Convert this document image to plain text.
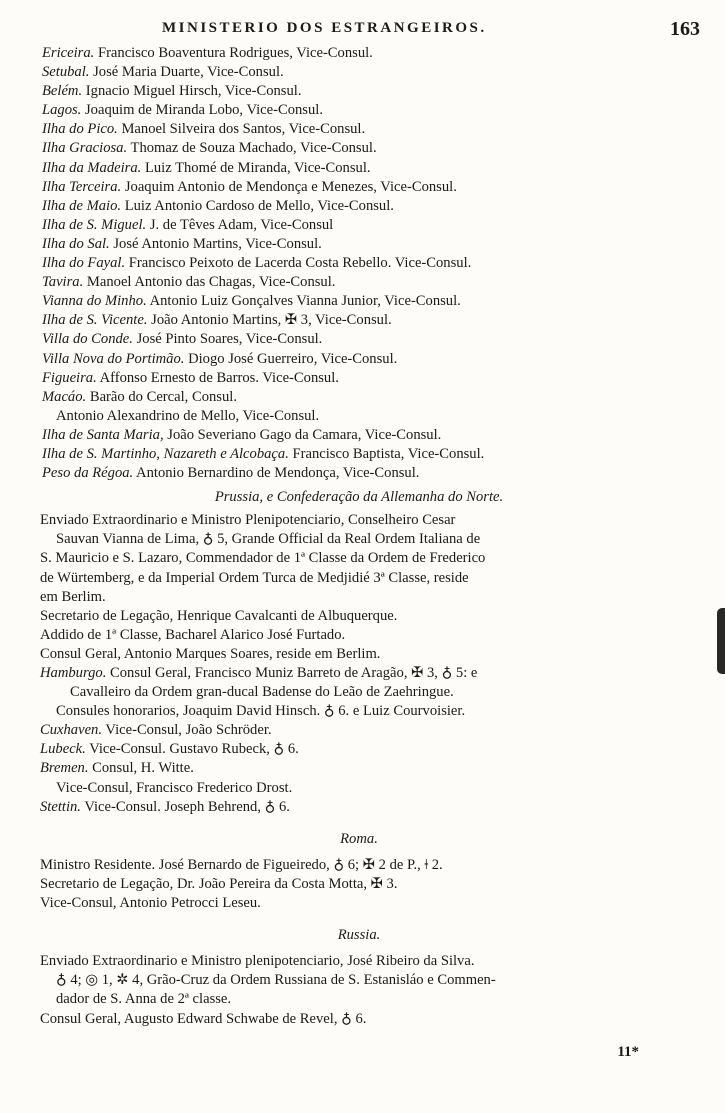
MINISTERIO DOS ESTRANGEIROS.	163
Ericeira. Francisco Boaventura Rodrigues, Vice-Consul.
Setubal. José Maria Duarte, Vice-Consul.
Belém. Ignacio Miguel Hirsch, Vice-Consul.
Lagos. Joaquim de Miranda Lobo, Vice-Consul.
Ilha do Pico. Manoel Silveira dos Santos, Vice-Consul.
Ilha Graciosa. Thomaz de Souza Machado, Vice-Consul.
Ilha da Madeira. Luiz Thomé de Miranda, Vice-Consul.
Ilha Terceira. Joaquim Antonio de Mendonça e Menezes, Vice-Consul.
Ilha de Maio. Luiz Antonio Cardoso de Mello, Vice-Consul.
Ilha de S. Miguel. J. de Têves Adam, Vice-Consul
Ilha do Sal. José Antonio Martins, Vice-Consul.
Ilha do Fayal. Francisco Peixoto de Lacerda Costa Rebello. Vice-Consul.
Tavira. Manoel Antonio das Chagas, Vice-Consul.
Vianna do Minho. Antonio Luiz Gonçalves Vianna Junior, Vice-Consul.
Ilha de S. Vicente. João Antonio Martins, ✠ 3, Vice-Consul.
Villa do Conde. José Pinto Soares, Vice-Consul.
Villa Nova do Portimão. Diogo José Guerreiro, Vice-Consul.
Figueira. Affonso Ernesto de Barros. Vice-Consul.
Macáo. Barão do Cercal, Consul.
Antonio Alexandrino de Mello, Vice-Consul.
Ilha de Santa Maria, João Severiano Gago da Camara, Vice-Consul.
Ilha de S. Martinho, Nazareth e Alcobaça. Francisco Baptista, Vice-Consul.
Peso da Régoa. Antonio Bernardino de Mendonça, Vice-Consul.
Prussia, e Confederação da Allemanha do Norte.
Enviado Extraordinario e Ministro Plenipotenciario, Conselheiro Cesar
Sauvan Vianna de Lima, ♁ 5, Grande Official da Real Ordem Italiana de
S. Mauricio e S. Lazaro, Commendador de 1ª Classe da Ordem de Frederico
de Würtemberg, e da Imperial Ordem Turca de Medjidié 3ª Classe, reside
em Berlim.
Secretario de Legação, Henrique Cavalcanti de Albuquerque.
Addido de 1ª Classe, Bacharel Alarico José Furtado.
Consul Geral, Antonio Marques Soares, reside em Berlim.
Hamburgo. Consul Geral, Francisco Muniz Barreto de Aragão, ✠ 3, ♁ 5: e
Cavalleiro da Ordem gran-ducal Badense do Leão de Zaehringue.
Consules honorarios, Joaquim David Hinsch. ♁ 6. e Luiz Courvoisier.
Cuxhaven. Vice-Consul, João Schröder.
Lubeck. Vice-Consul. Gustavo Rubeck, ♁ 6.
Bremen. Consul, H. Witte.
Vice-Consul, Francisco Frederico Drost.
Stettin. Vice-Consul. Joseph Behrend, ♁ 6.
Roma.
Ministro Residente. José Bernardo de Figueiredo, ♁ 6; ✠ 2 de P., ǂ 2.
Secretario de Legação, Dr. João Pereira da Costa Motta, ✠ 3.
Vice-Consul, Antonio Petrocci Leseu.
Russia.
Enviado Extraordinario e Ministro plenipotenciario, José Ribeiro da Silva.
♁ 4; ◎ 1, ✲ 4, Grão-Cruz da Ordem Russiana de S. Estanisláo e Commen-
dador de S. Anna de 2ª classe.
Consul Geral, Augusto Edward Schwabe de Revel, ♁ 6.
11*
